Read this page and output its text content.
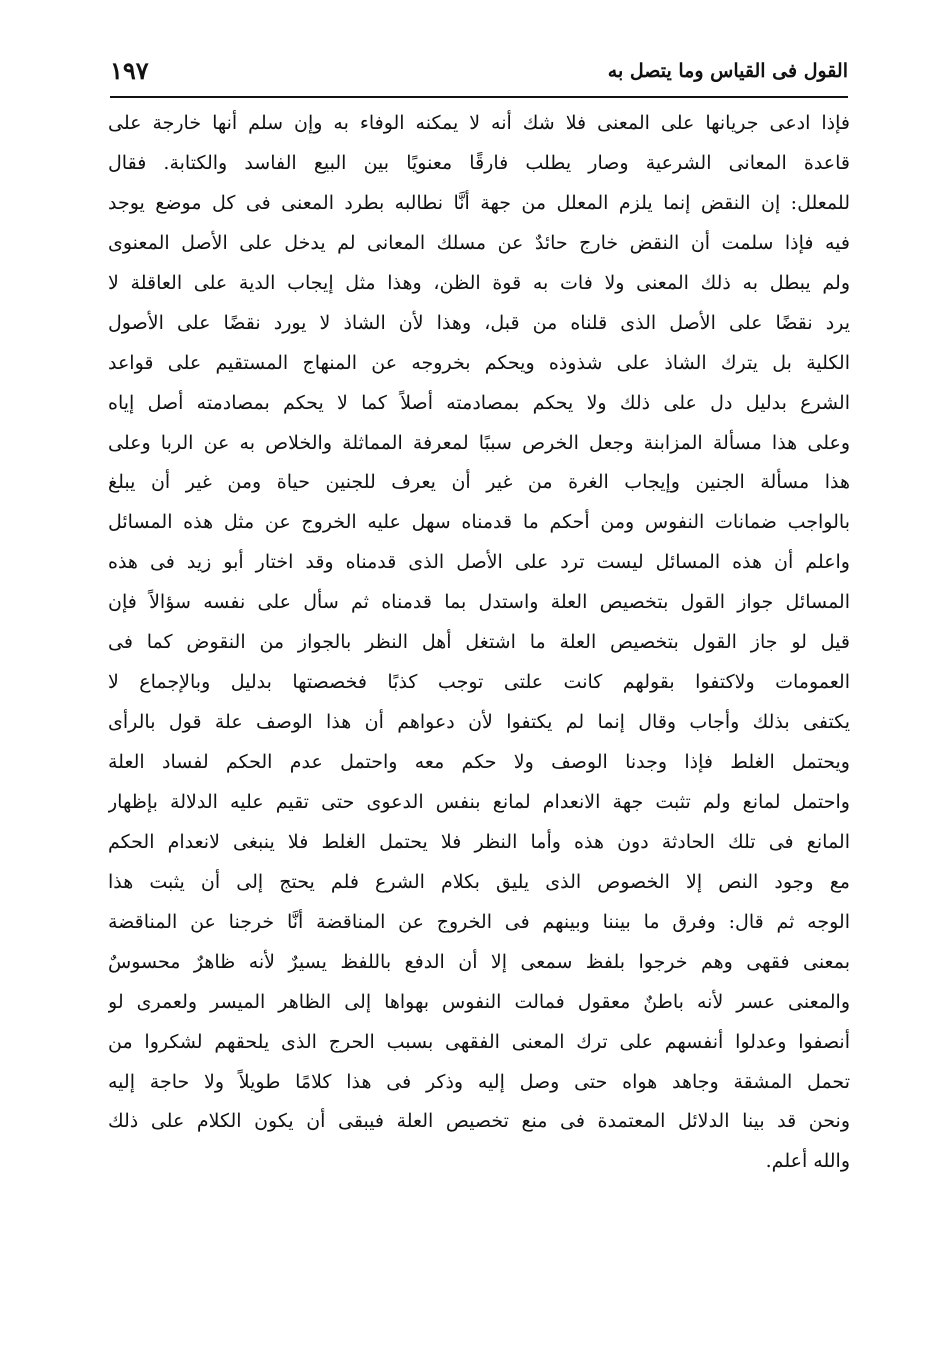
القول فى القياس وما يتصل به
١٩٧
فإذا ادعى جريانها على المعنى فلا شك أنه لا يمكنه الوفاء به وإن سلم أنها خارجة على
قاعدة المعانى الشرعية وصار يطلب فارقًا معنويًا بين البيع الفاسد والكتابة. فقال
للمعلل: إن النقض إنما يلزم المعلل من جهة أنَّا نطالبه بطرد المعنى فى كل موضع يوجد
فيه فإذا سلمت أن النقض خارج حائدٌ عن مسلك المعانى لم يدخل على الأصل المعنوى
ولم يبطل به ذلك المعنى ولا فات به قوة الظن، وهذا مثل إيجاب الدية على العاقلة لا
يرد نقضًا على الأصل الذى قلناه من قبل، وهذا لأن الشاذ لا يورد نقضًا على الأصول
الكلية بل يترك الشاذ على شذوذه ويحكم بخروجه عن المنهاج المستقيم على قواعد
الشرع بدليل دل على ذلك ولا يحكم بمصادمته أصلاً كما لا يحكم بمصادمته أصل إياه
وعلى هذا مسألة المزابنة وجعل الخرص سببًا لمعرفة المماثلة والخلاص به عن الربا وعلى
هذا مسألة الجنين وإيجاب الغرة من غير أن يعرف للجنين حياة ومن غير أن يبلغ
بالواجب ضمانات النفوس ومن أحكم ما قدمناه سهل عليه الخروج عن مثل هذه المسائل
واعلم أن هذه المسائل ليست ترد على الأصل الذى قدمناه وقد اختار أبو زيد فى هذه
المسائل جواز القول بتخصيص العلة واستدل بما قدمناه ثم سأل على نفسه سؤالاً فإن
قيل لو جاز القول بتخصيص العلة ما اشتغل أهل النظر بالجواز من النقوض كما فى
العمومات ولاكتفوا بقولهم كانت علتى توجب كذبًا فخصصتها بدليل وبالإجماع لا
يكتفى بذلك وأجاب وقال إنما لم يكتفوا لأن دعواهم أن هذا الوصف علة قول بالرأى
ويحتمل الغلط فإذا وجدنا الوصف ولا حكم معه واحتمل عدم الحكم لفساد العلة
واحتمل لمانع ولم تثبت جهة الانعدام لمانع بنفس الدعوى حتى تقيم عليه الدلالة بإظهار
المانع فى تلك الحادثة دون هذه وأما النظر فلا يحتمل الغلط فلا ينبغى لانعدام الحكم
مع وجود النص إلا الخصوص الذى يليق بكلام الشرع فلم يحتج إلى أن يثبت هذا
الوجه ثم قال: وفرق ما بيننا وبينهم فى الخروج عن المناقضة أنَّا خرجنا عن المناقضة
بمعنى فقهى وهم خرجوا بلفظ سمعى إلا أن الدفع باللفظ يسيرٌ لأنه ظاهرٌ محسوسٌ
والمعنى عسر لأنه باطنٌ معقول فمالت النفوس بهواها إلى الظاهر الميسر ولعمرى لو
أنصفوا وعدلوا أنفسهم على ترك المعنى الفقهى بسبب الحرج الذى يلحقهم لشكروا من
تحمل المشقة وجاهد هواه حتى وصل إليه وذكر فى هذا كلامًا طويلاً ولا حاجة إليه
ونحن قد بينا الدلائل المعتمدة فى منع تخصيص العلة فيبقى أن يكون الكلام على ذلك
والله أعلم.
